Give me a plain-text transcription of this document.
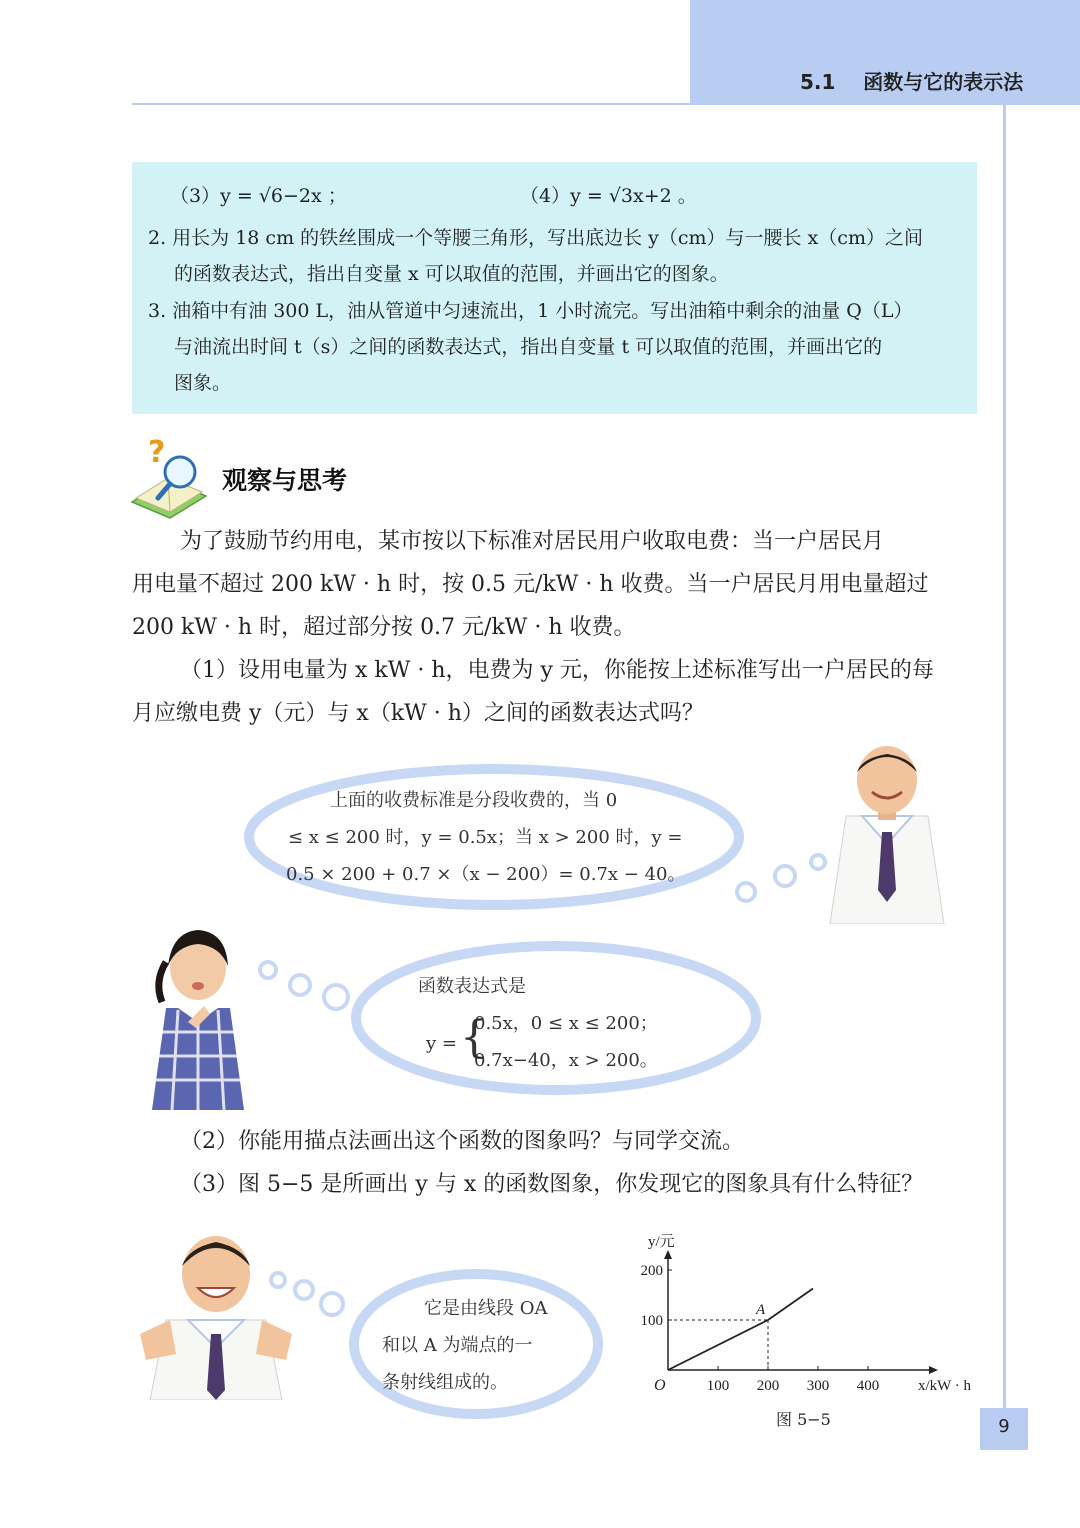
5.1 函数与它的表示法
（3）y = √6−2x ；	（4）y = √3x+2 。
2. 用长为 18 cm 的铁丝围成一个等腰三角形，写出底边长 y（cm）与一腰长 x（cm）之间
的函数表达式，指出自变量 x 可以取值的范围，并画出它的图象。
3. 油箱中有油 300 L，油从管道中匀速流出，1 小时流完。写出油箱中剩余的油量 Q（L）
与油流出时间 t（s）之间的函数表达式，指出自变量 t 可以取值的范围，并画出它的
图象。
?
观察与思考
为了鼓励节约用电，某市按以下标准对居民用户收取电费：当一户居民月
用电量不超过 200 kW · h 时，按 0.5 元/kW · h 收费。当一户居民月用电量超过
200 kW · h 时，超过部分按 0.7 元/kW · h 收费。
（1）设用电量为 x kW · h，电费为 y 元，你能按上述标准写出一户居民的每
月应缴电费 y（元）与 x（kW · h）之间的函数表达式吗？
上面的收费标准是分段收费的，当 0
≤ x ≤ 200 时，y = 0.5x；当 x > 200 时，y =
0.5 × 200 + 0.7 ×（x − 200）= 0.7x − 40。
函数表达式是
y = {
0.5x，0 ≤ x ≤ 200；
0.7x−40，x > 200。
（2）你能用描点法画出这个函数的图象吗？与同学交流。
（3）图 5−5 是所画出 y 与 x 的函数图象，你发现它的图象具有什么特征？
它是由线段 OA
和以 A 为端点的一
条射线组成的。	100 200 300 400
100
200
O
A
y/元
x/kW · h
图 5−5	9
